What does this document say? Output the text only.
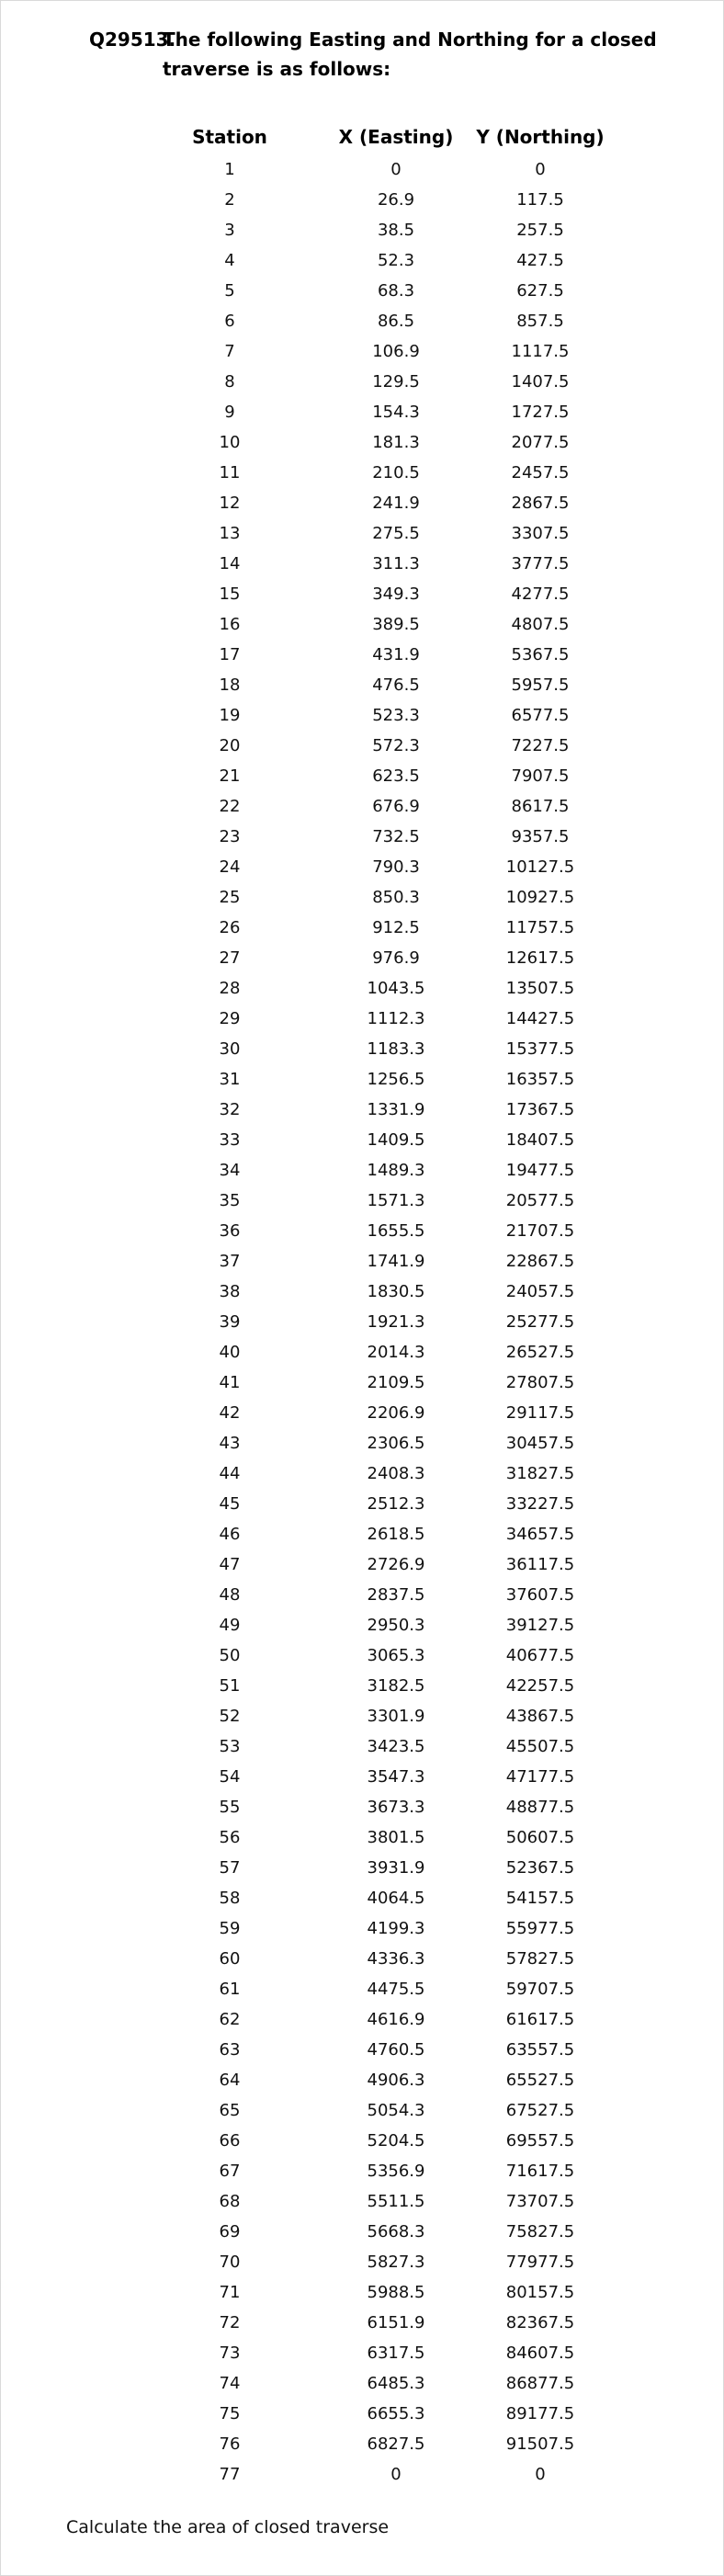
Q29513.
The following Easting and Northing for a closed
traverse is as follows:
Station	X (Easting)	Y (Northing)
1	0	0
2	26.9	117.5
3	38.5	257.5
4	52.3	427.5
5	68.3	627.5
6	86.5	857.5
7	106.9	1117.5
8	129.5	1407.5
9	154.3	1727.5
10	181.3	2077.5
11	210.5	2457.5
12	241.9	2867.5
13	275.5	3307.5
14	311.3	3777.5
15	349.3	4277.5
16	389.5	4807.5
17	431.9	5367.5
18	476.5	5957.5
19	523.3	6577.5
20	572.3	7227.5
21	623.5	7907.5
22	676.9	8617.5
23	732.5	9357.5
24	790.3	10127.5
25	850.3	10927.5
26	912.5	11757.5
27	976.9	12617.5
28	1043.5	13507.5
29	1112.3	14427.5
30	1183.3	15377.5
31	1256.5	16357.5
32	1331.9	17367.5
33	1409.5	18407.5
34	1489.3	19477.5
35	1571.3	20577.5
36	1655.5	21707.5
37	1741.9	22867.5
38	1830.5	24057.5
39	1921.3	25277.5
40	2014.3	26527.5
41	2109.5	27807.5
42	2206.9	29117.5
43	2306.5	30457.5
44	2408.3	31827.5
45	2512.3	33227.5
46	2618.5	34657.5
47	2726.9	36117.5
48	2837.5	37607.5
49	2950.3	39127.5
50	3065.3	40677.5
51	3182.5	42257.5
52	3301.9	43867.5
53	3423.5	45507.5
54	3547.3	47177.5
55	3673.3	48877.5
56	3801.5	50607.5
57	3931.9	52367.5
58	4064.5	54157.5
59	4199.3	55977.5
60	4336.3	57827.5
61	4475.5	59707.5
62	4616.9	61617.5
63	4760.5	63557.5
64	4906.3	65527.5
65	5054.3	67527.5
66	5204.5	69557.5
67	5356.9	71617.5
68	5511.5	73707.5
69	5668.3	75827.5
70	5827.3	77977.5
71	5988.5	80157.5
72	6151.9	82367.5
73	6317.5	84607.5
74	6485.3	86877.5
75	6655.3	89177.5
76	6827.5	91507.5
77	0	0
Calculate the area of closed traverse
